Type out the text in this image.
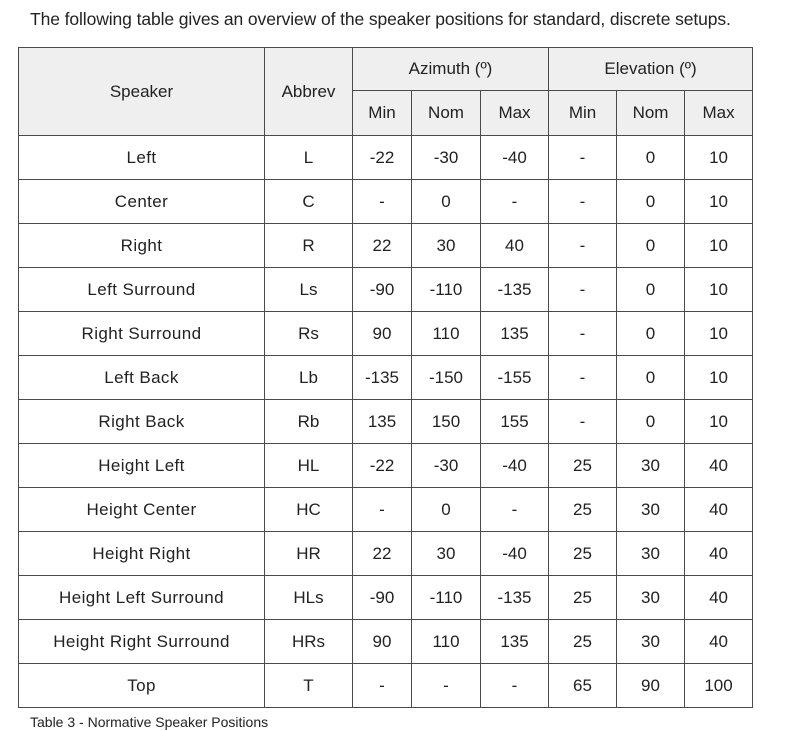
The following table gives an overview of the speaker positions for standard, discrete setups.
Speaker	Abbrev	Azimuth (º)			Elevation (º)		
		Min	Nom	Max	Min	Nom	Max
Left	L	-22	-30	-40	-	0	10
Center	C	-	0	-	-	0	10
Right	R	22	30	40	-	0	10
Left Surround	Ls	-90	-110	-135	-	0	10
Right Surround	Rs	90	110	135	-	0	10
Left Back	Lb	-135	-150	-155	-	0	10
Right Back	Rb	135	150	155	-	0	10
Height Left	HL	-22	-30	-40	25	30	40
Height Center	HC	-	0	-	25	30	40
Height Right	HR	22	30	-40	25	30	40
Height Left Surround	HLs	-90	-110	-135	25	30	40
Height Right Surround	HRs	90	110	135	25	30	40
Top	T	-	-	-	65	90	100
Table 3 - Normative Speaker Positions
